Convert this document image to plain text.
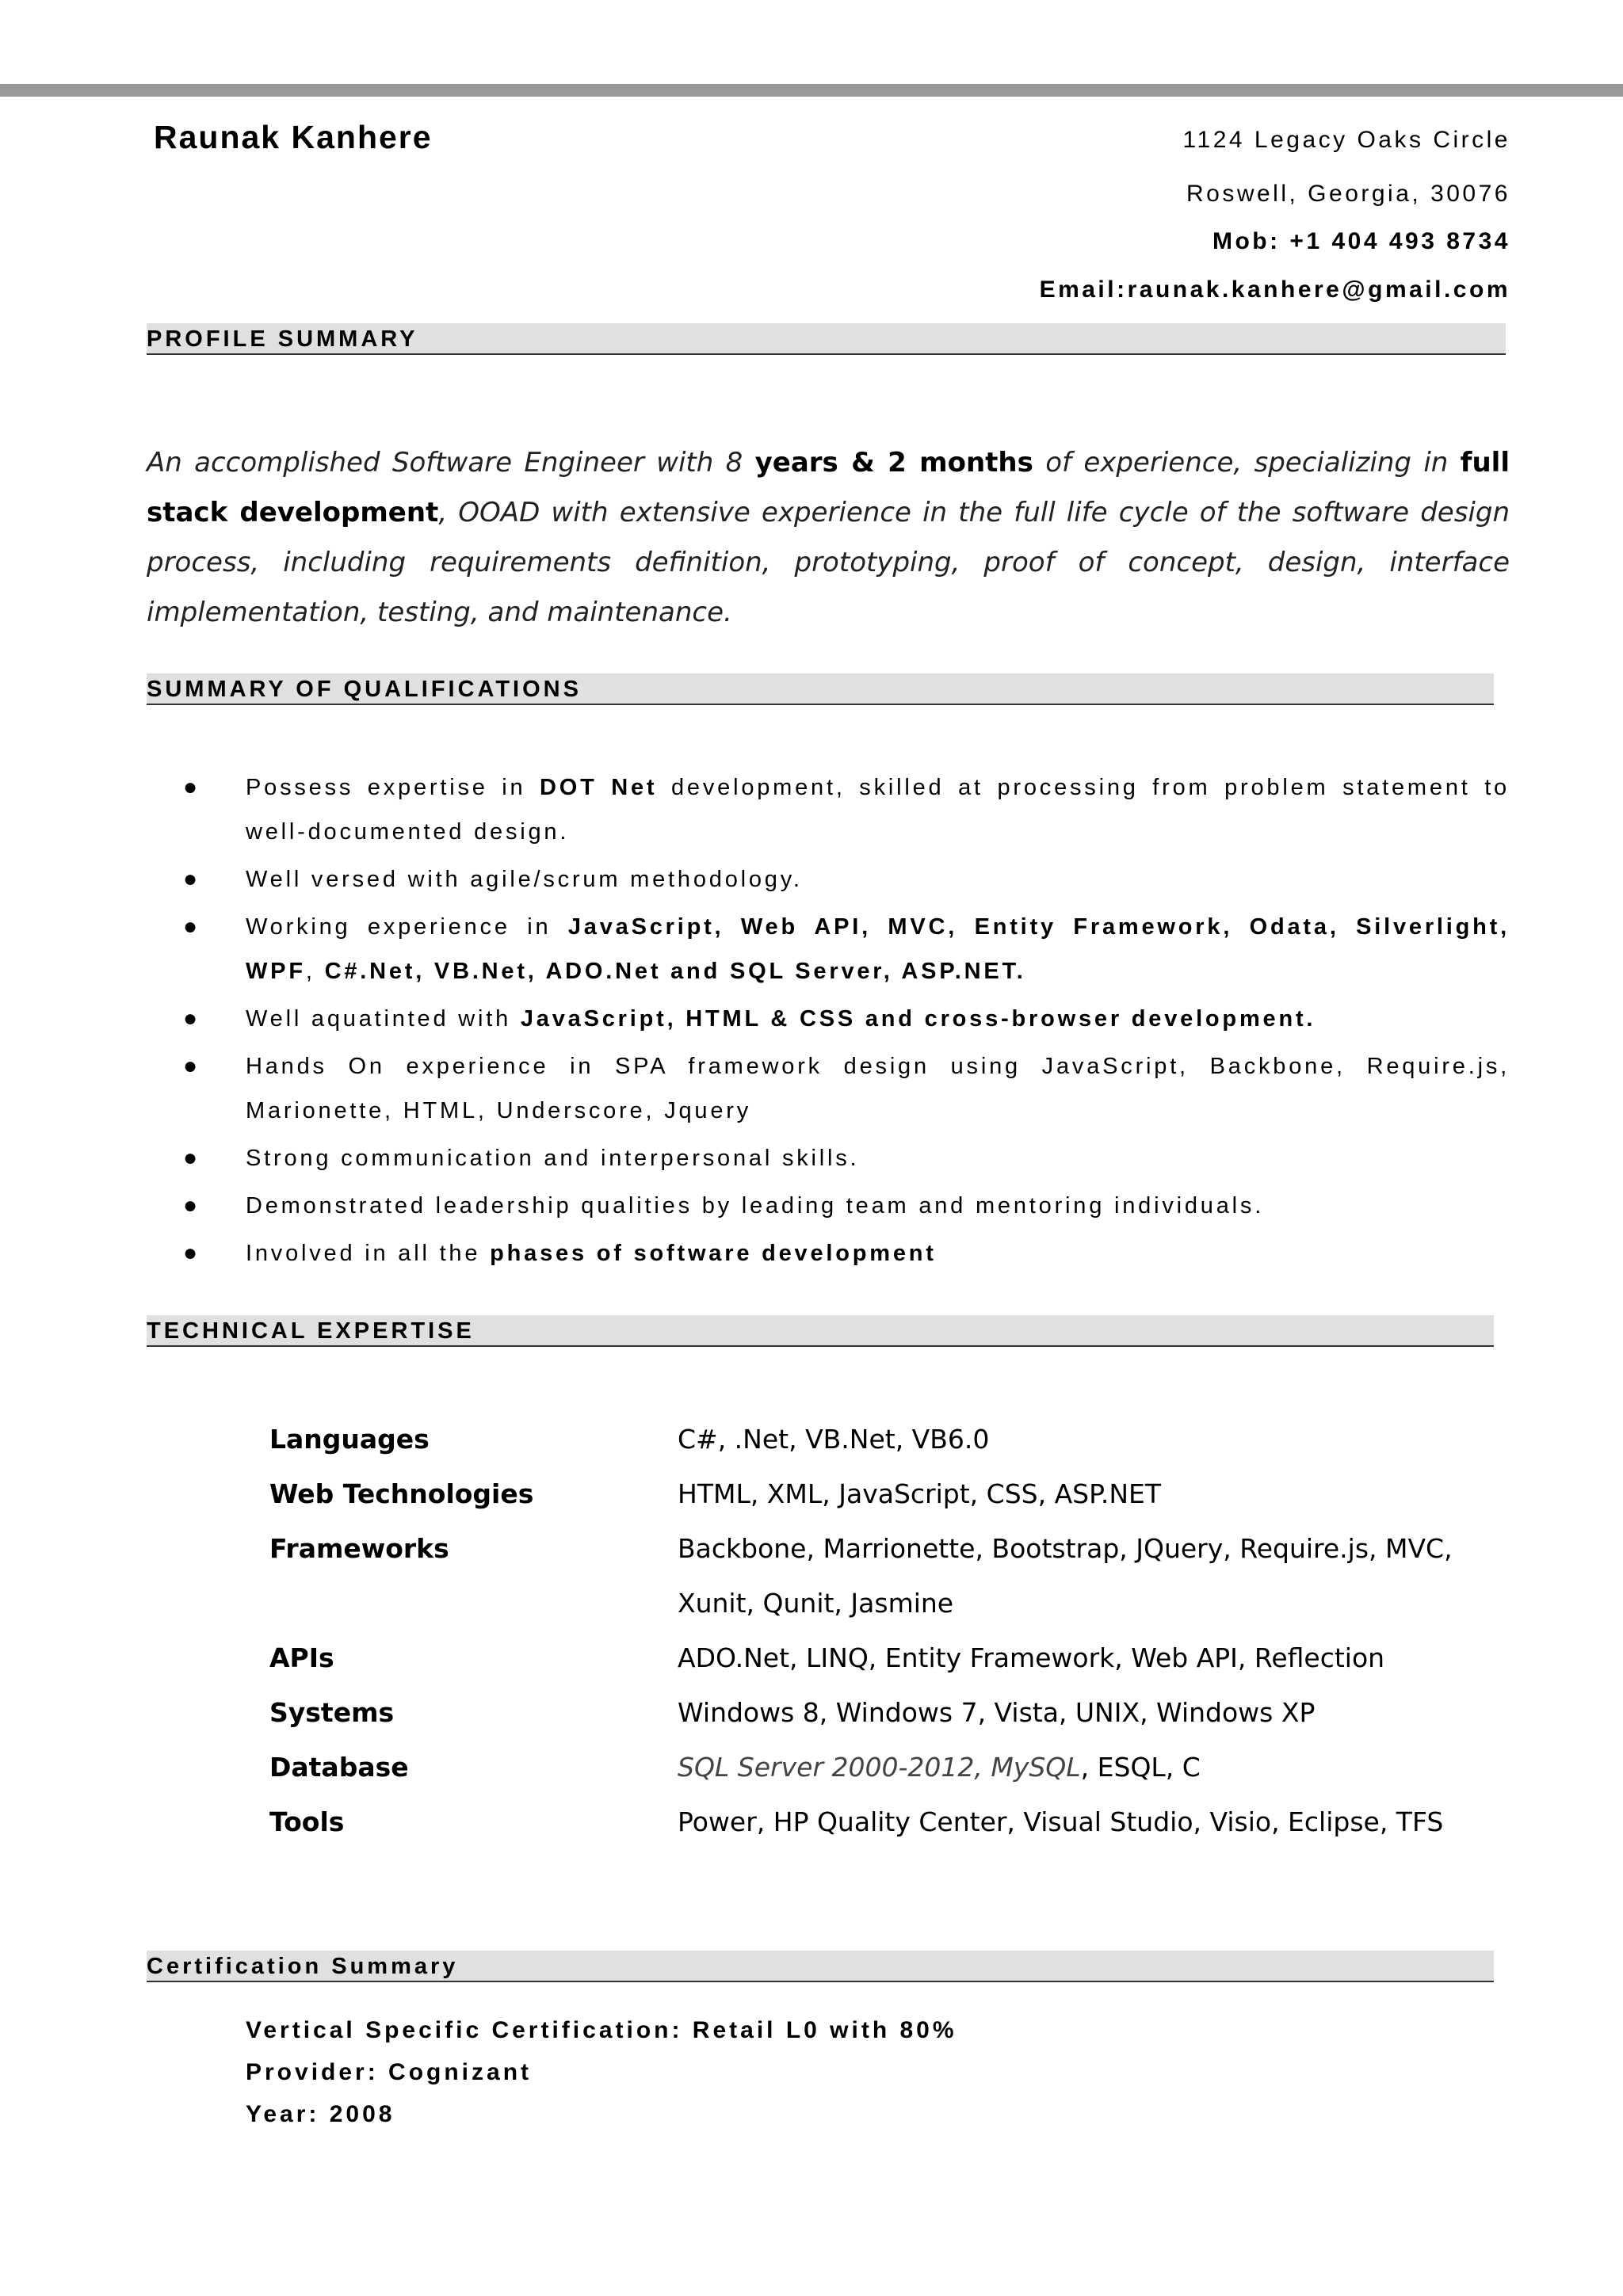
Raunak Kanhere	1124 Legacy Oaks Circle
Roswell, Georgia, 30076
Mob: +1 404 493 8734
Email:raunak.kanhere@gmail.com
PROFILE SUMMARY
An accomplished Software Engineer with 8 years & 2 months of experience, specializing in full stack development, OOAD with extensive experience in the full life cycle of the software design process, including requirements definition, prototyping, proof of concept, design, interface implementation, testing, and maintenance.
SUMMARY OF QUALIFICATIONS
● Possess expertise in DOT Net development, skilled at processing from problem statement to well-documented design.
● Well versed with agile/scrum methodology.
● Working experience in JavaScript, Web API, MVC, Entity Framework, Odata, Silverlight, WPF, C#.Net, VB.Net, ADO.Net and SQL Server, ASP.NET.
● Well aquatinted with JavaScript, HTML & CSS and cross-browser development.
● Hands On experience in SPA framework design using JavaScript, Backbone, Require.js, Marionette, HTML, Underscore, Jquery
● Strong communication and interpersonal skills.
● Demonstrated leadership qualities by leading team and mentoring individuals.
● Involved in all the phases of software development
TECHNICAL EXPERTISE
Languages	C#, .Net, VB.Net, VB6.0
Web Technologies	HTML, XML, JavaScript, CSS, ASP.NET
Frameworks	Backbone, Marrionette, Bootstrap, JQuery, Require.js, MVC,
Xunit, Qunit, Jasmine
APIs	ADO.Net, LINQ, Entity Framework, Web API, Reflection
Systems	Windows 8, Windows 7, Vista, UNIX, Windows XP
Database	SQL Server 2000-2012, MySQL, ESQL, C
Tools	Power, HP Quality Center, Visual Studio, Visio, Eclipse, TFS
Certification Summary
Vertical Specific Certification: Retail L0 with 80%
Provider: Cognizant
Year: 2008
